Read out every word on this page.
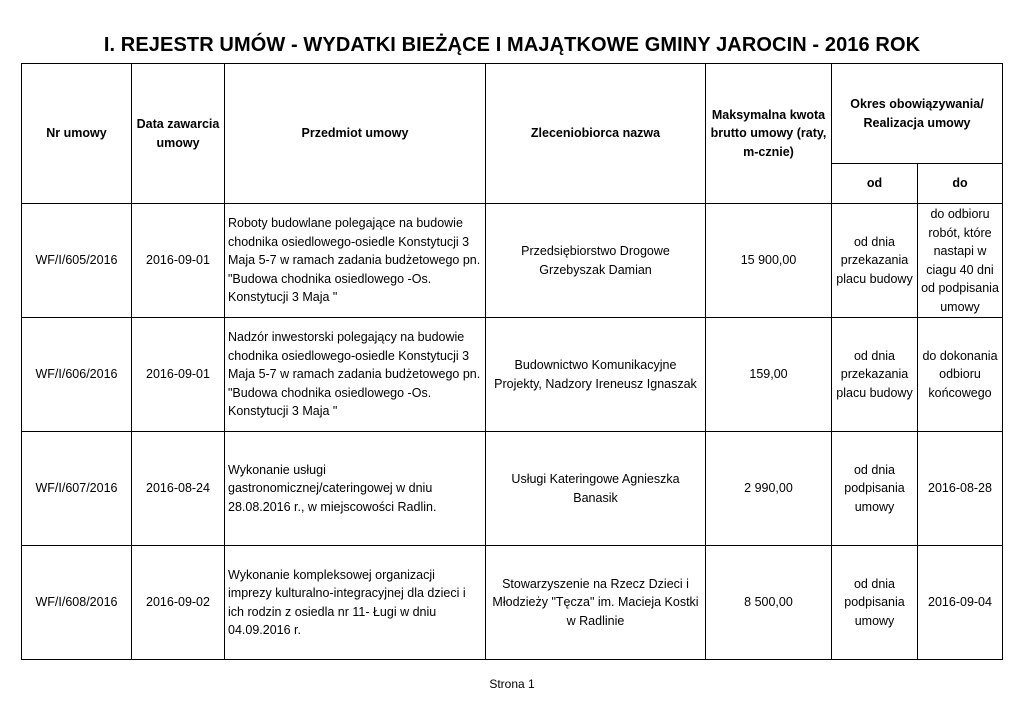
I. REJESTR UMÓW - WYDATKI BIEŻĄCE I MAJĄTKOWE GMINY JAROCIN - 2016 ROK
Nr umowy	Data zawarcia umowy	Przedmiot umowy	Zleceniobiorca nazwa	Maksymalna kwota brutto umowy (raty, m-cznie)	Okres obowiązywania/ Realizacja umowy	
					od	do
WF/I/605/2016	2016-09-01	Roboty budowlane polegające na budowie chodnika osiedlowego-osiedle Konstytucji 3 Maja 5-7 w ramach zadania budżetowego pn. "Budowa chodnika osiedlowego -Os. Konstytucji 3 Maja "	Przedsiębiorstwo Drogowe Grzebyszak Damian	15 900,00	od dnia przekazania placu budowy	do odbioru robót, które nastapi w ciagu 40 dni od podpisania umowy
WF/I/606/2016	2016-09-01	Nadzór inwestorski polegający na budowie chodnika osiedlowego-osiedle Konstytucji 3 Maja 5-7 w ramach zadania budżetowego pn. "Budowa chodnika osiedlowego -Os. Konstytucji 3 Maja "	Budownictwo Komunikacyjne Projekty, Nadzory Ireneusz Ignaszak	159,00	od dnia przekazania placu budowy	do dokonania odbioru końcowego
WF/I/607/2016	2016-08-24	Wykonanie usługi gastronomicznej/cateringowej w dniu 28.08.2016 r., w miejscowości Radlin.	Usługi Kateringowe Agnieszka Banasik	2 990,00	od dnia podpisania umowy	2016-08-28
WF/I/608/2016	2016-09-02	Wykonanie kompleksowej organizacji imprezy kulturalno-integracyjnej dla dzieci i ich rodzin z osiedla nr 11- Ługi w dniu 04.09.2016 r.	Stowarzyszenie na Rzecz Dzieci i Młodzieży "Tęcza" im. Macieja Kostki w Radlinie	8 500,00	od dnia podpisania umowy	2016-09-04
Strona 1
